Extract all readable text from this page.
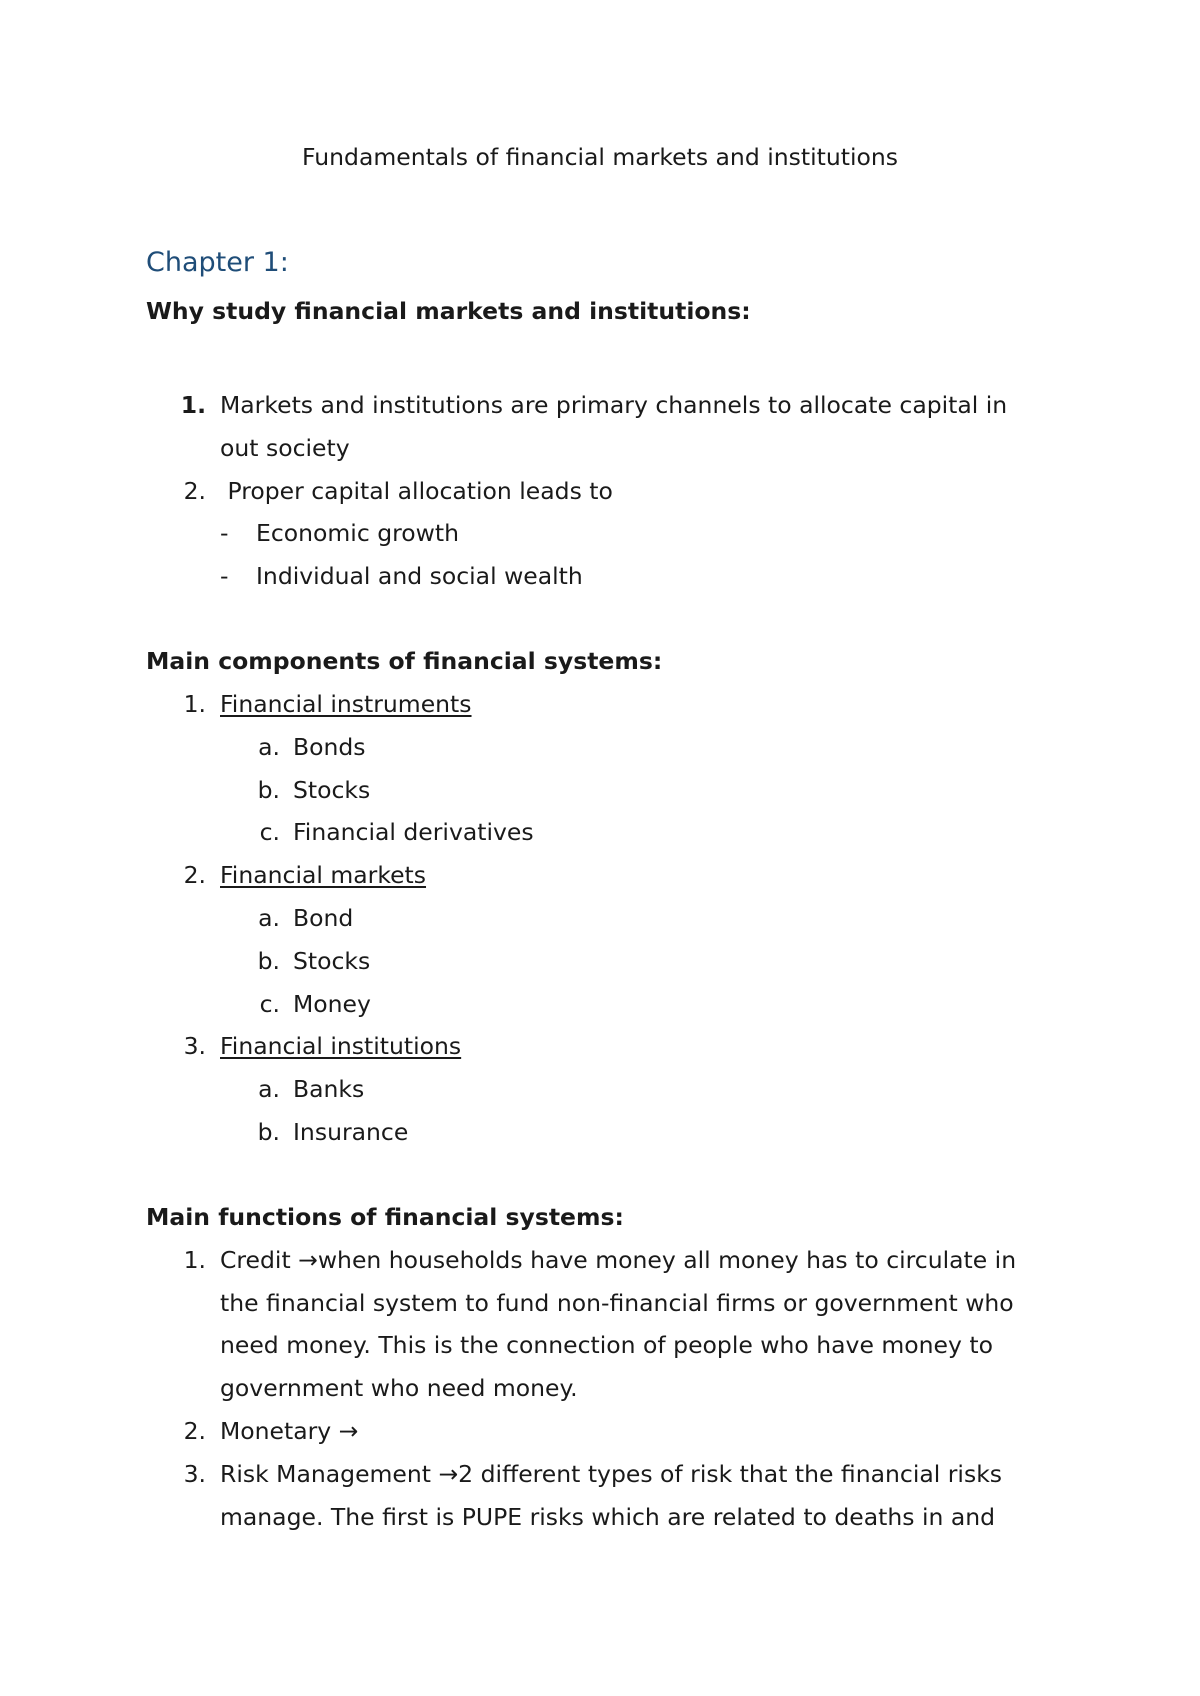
Fundamentals of financial markets and institutions
Chapter 1:
Why study financial markets and institutions:
1. Markets and institutions are primary channels to allocate capital in
out society
2. Proper capital allocation leads to
-	Economic growth
-	Individual and social wealth
Main components of financial systems:
1. Financial instruments
a. Bonds
b. Stocks
c. Financial derivatives
2. Financial markets
a. Bond
b. Stocks
c. Money
3. Financial institutions
a. Banks
b. Insurance
Main functions of financial systems:
1. Credit →when households have money all money has to circulate in
the financial system to fund non-financial firms or government who
need money. This is the connection of people who have money to
government who need money.
2. Monetary →
3. Risk Management →2 different types of risk that the financial risks
manage. The first is PUPE risks which are related to deaths in and
